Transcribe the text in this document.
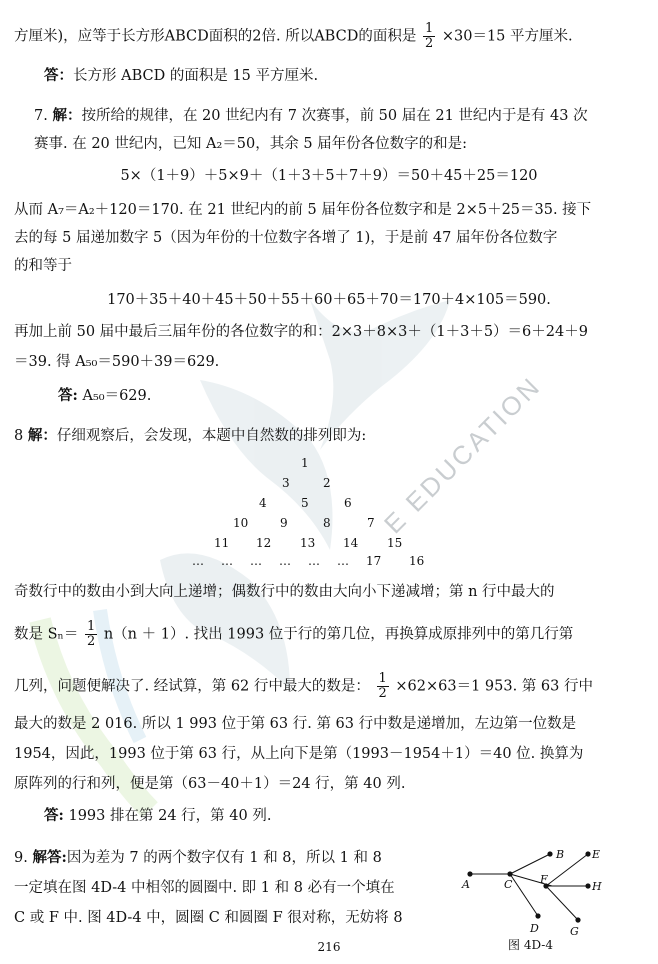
E EDUCATION
方厘米)，应等于长方形ABCD面积的2倍. 所以ABCD的面积是 $\frac{1}{2} \times 30=15$ 平方厘米.
答：长方形 ABCD 的面积是 15 平方厘米.
7. 解：按所给的规律，在 20 世纪内有 7 次赛事，前 50 届在 21 世纪内于是有 43 次
赛事. 在 20 世纪内，已知 A₂＝50，其余 5 届年份各位数字的和是:
5×（1＋9）＋5×9＋（1＋3＋5＋7＋9）＝50＋45＋25＝120
从而 A₇＝A₂＋120＝170. 在 21 世纪内的前 5 届年份各位数字和是 2×5＋25＝35. 接下
去的每 5 届递加数字 5（因为年份的十位数字各增了 1)，于是前 47 届年份各位数字
的和等于
170＋35＋40＋45＋50＋55＋60＋65＋70＝170＋4×105＝590.
再加上前 50 届中最后三届年份的各位数字的和：2×3＋8×3＋（1＋3＋5）＝6＋24＋9
＝39. 得 A₅₀＝590＋39＝629.
答: A₅₀＝629.
8 解：仔细观察后，会发现，本题中自然数的排列即为:
1
3	2
4	5	6
10	9	8	7
11 12 13 14 15
… … … … … … 17 16
奇数行中的数由小到大向上递增；偶数行中的数由大向小下递减增；第 n 行中最大的
数是 $S_n= \frac{1}{2} n(n + 1)$. 找出 1993 位于行的第几位，再换算成原排列中的第几行第
几列，问题便解决了. 经试算，第 62 行中最大的数是： $\frac{1}{2} \times 62\times 63=1$ 953. 第 63 行中
最大的数是 2 016. 所以 1 993 位于第 63 行. 第 63 行中数是递增加，左边第一位数是
1954，因此，1993 位于第 63 行，从上向下是第（1993－1954＋1）＝40 位. 换算为
原阵列的行和列，便是第（63－40＋1）＝24 行，第 40 列.
答: 1993 排在第 24 行，第 40 列.
9. 解答:因为差为 7 的两个数字仅有 1 和 8，所以 1 和 8
一定填在图 4D-4 中相邻的圆圈中. 即 1 和 8 必有一个填在
C 或 F 中. 图 4D-4 中，圆圈 C 和圆圈 F 很对称，无妨将 8
A
B
C
D
E
F
G
H
图 4D-4
216
